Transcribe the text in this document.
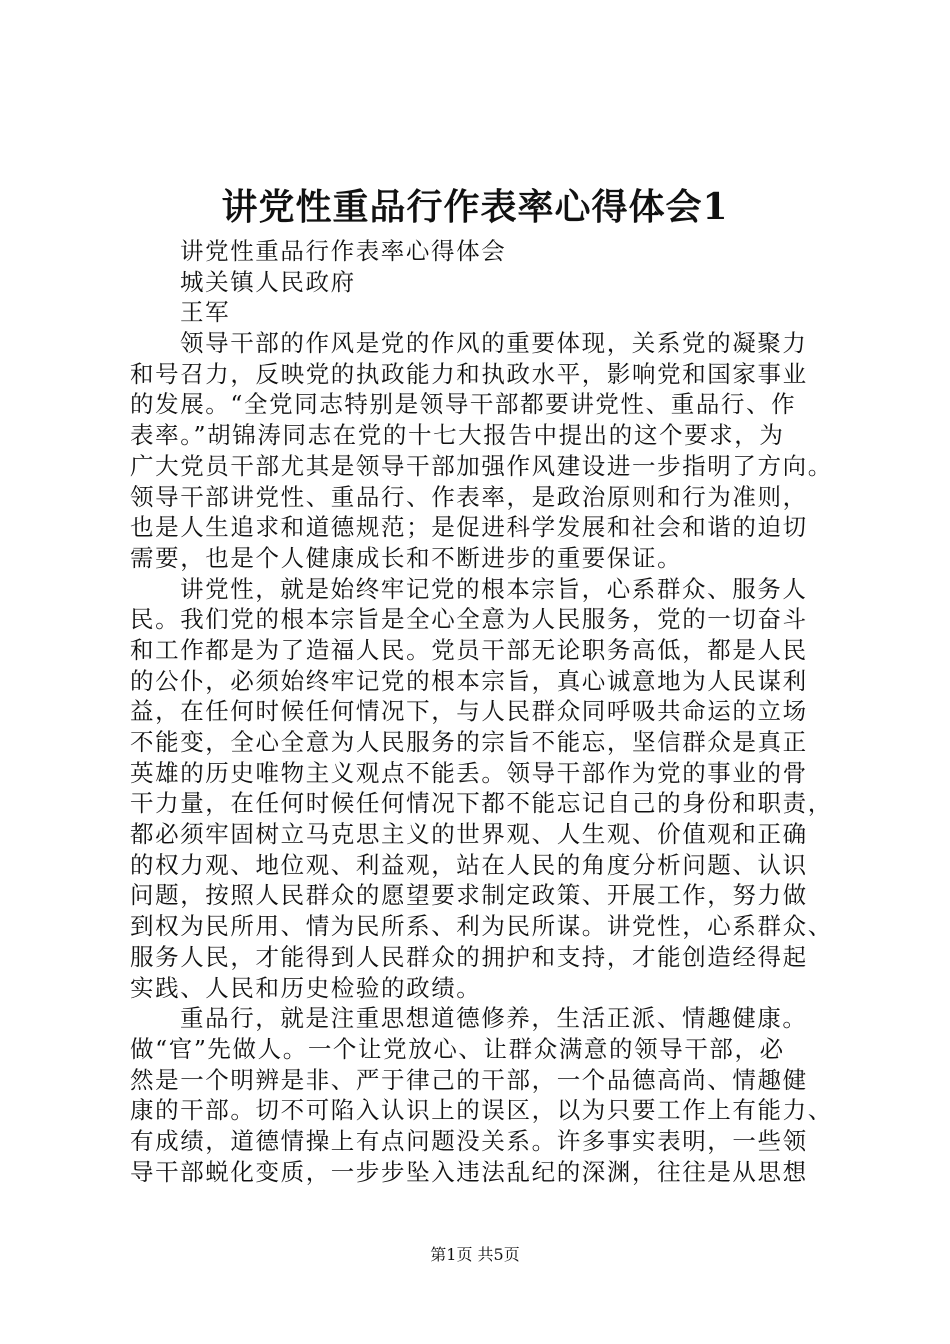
讲党性重品行作表率心得体会1
讲党性重品行作表率心得体会
城关镇人民政府
王军
领导干部的作风是党的作风的重要体现，关系党的凝聚力
和号召力，反映党的执政能力和执政水平，影响党和国家事业
的发展。“全党同志特别是领导干部都要讲党性、重品行、作
表率。”胡锦涛同志在党的十七大报告中提出的这个要求，为
广大党员干部尤其是领导干部加强作风建设进一步指明了方向。
领导干部讲党性、重品行、作表率，是政治原则和行为准则，
也是人生追求和道德规范；是促进科学发展和社会和谐的迫切
需要，也是个人健康成长和不断进步的重要保证。
讲党性，就是始终牢记党的根本宗旨，心系群众、服务人
民。我们党的根本宗旨是全心全意为人民服务，党的一切奋斗
和工作都是为了造福人民。党员干部无论职务高低，都是人民
的公仆，必须始终牢记党的根本宗旨，真心诚意地为人民谋利
益，在任何时候任何情况下，与人民群众同呼吸共命运的立场
不能变，全心全意为人民服务的宗旨不能忘，坚信群众是真正
英雄的历史唯物主义观点不能丢。领导干部作为党的事业的骨
干力量，在任何时候任何情况下都不能忘记自己的身份和职责，
都必须牢固树立马克思主义的世界观、人生观、价值观和正确
的权力观、地位观、利益观，站在人民的角度分析问题、认识
问题，按照人民群众的愿望要求制定政策、开展工作，努力做
到权为民所用、情为民所系、利为民所谋。讲党性，心系群众、
服务人民，才能得到人民群众的拥护和支持，才能创造经得起
实践、人民和历史检验的政绩。
重品行，就是注重思想道德修养，生活正派、情趣健康。
做“官”先做人。一个让党放心、让群众满意的领导干部，必
然是一个明辨是非、严于律己的干部，一个品德高尚、情趣健
康的干部。切不可陷入认识上的误区，以为只要工作上有能力、
有成绩，道德情操上有点问题没关系。许多事实表明，一些领
导干部蜕化变质，一步步坠入违法乱纪的深渊，往往是从思想
第1页 共5页
